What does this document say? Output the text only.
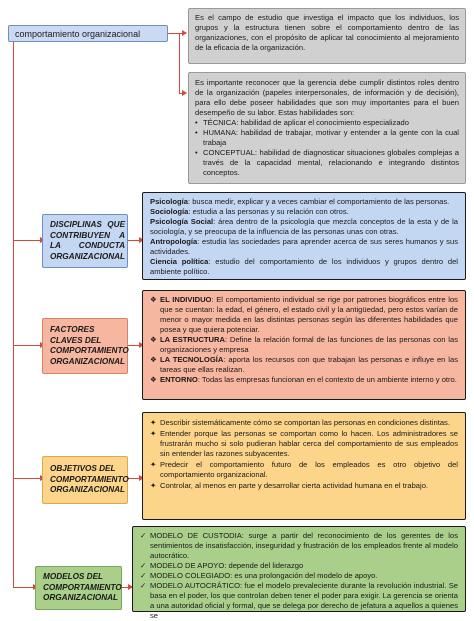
comportamiento organizacional
Es el campo de estudio que investiga el impacto que los individuos, los grupos y la estructura tienen sobre el comportamiento dentro de las organizaciones, con el propósito de aplicar tal conocimiento al mejoramiento de la eficacia de la organización.

Es importante reconocer que la gerencia debe cumplir distintos roles dentro de la organización (papeles interpersonales, de información y de decisión), para ello debe poseer habilidades que son muy importantes para el buen desempeño de su labor. Estas habilidades son:

• TÉCNICA: habilidad de aplicar el conocimiento especializado
• HUMANA: habilidad de trabajar, motivar y entender a la gente con la cual trabaja
• CONCEPTUAL: habilidad de diagnosticar situaciones globales complejas a través de la capacidad mental, relacionando e integrando distintos conceptos.
DISCIPLINAS QUE CONTRIBUYEN A LA CONDUCTA ORGANIZACIONAL

Psicología: busca medir, explicar y a veces cambiar el comportamiento de las personas.

Sociología: estudia a las personas y su relación con otros.

Psicología Social: área dentro de la psicología que mezcla conceptos de la esta y de la sociología, y se preocupa de la influencia de las personas unas con otras.

Antropología: estudia las sociedades para aprender acerca de sus seres humanos y sus actividades.

Ciencia política: estudio del comportamiento de los individuos y grupos dentro del ambiente político.

FACTORES CLAVES DEL COMPORTAMIENTO ORGANIZACIONAL
❖ EL INDIVIDUO: El comportamiento individual se rige por patrones biográficos entre los que se cuentan: la edad, el género, el estado civil y la antigüedad, pero estos varían de menor o mayor medida en las distintas personas según las diferentes habilidades que posea y que quiera potenciar.
❖ LA ESTRUCTURA: Define la relación formal de las funciones de las personas con las organizaciones y empresa
❖ LA TECNOLOGÍA: aporta los recursos con que trabajan las personas e influye en las tareas que ellas realizan.
❖ ENTORNO: Todas las empresas funcionan en el contexto de un ambiente interno y otro.
OBJETIVOS DEL COMPORTAMIENTO ORGANIZACIONAL
✦ Describir sistemáticamente cómo se comportan las personas en condiciones distintas.
✦ Entender porque las personas se comportan como lo hacen. Los administradores se frustrarán mucho si solo pudieran hablar cerca del comportamiento de sus empleados sin entender las razones subyacentes.
✦ Predecir el comportamiento futuro de los empleados es otro objetivo del comportamiento organizacional.
✦ Controlar, al menos en parte y desarrollar cierta actividad humana en el trabajo.
MODELOS DEL COMPORTAMIENTO ORGANIZACIONAL
✓ MODELO DE CUSTODIA: surge a partir del reconocimiento de los gerentes de los sentimientos de insatisfacción, inseguridad y frustración de los empleados frente al modelo autocrático.
✓ MODELO DE APOYO: depende del liderazgo
✓ MODELO COLEGIADO: es una prolongación del modelo de apoyo.
✓ MODELO AUTOCRÁTICO: fue el modelo prevaleciente durante la revolución industrial. Se basa en el poder, los que controlan deben tener el poder para exigir. La gerencia se orienta a una autoridad oficial y formal, que se delega por derecho de jefatura a aquellos a quienes se
